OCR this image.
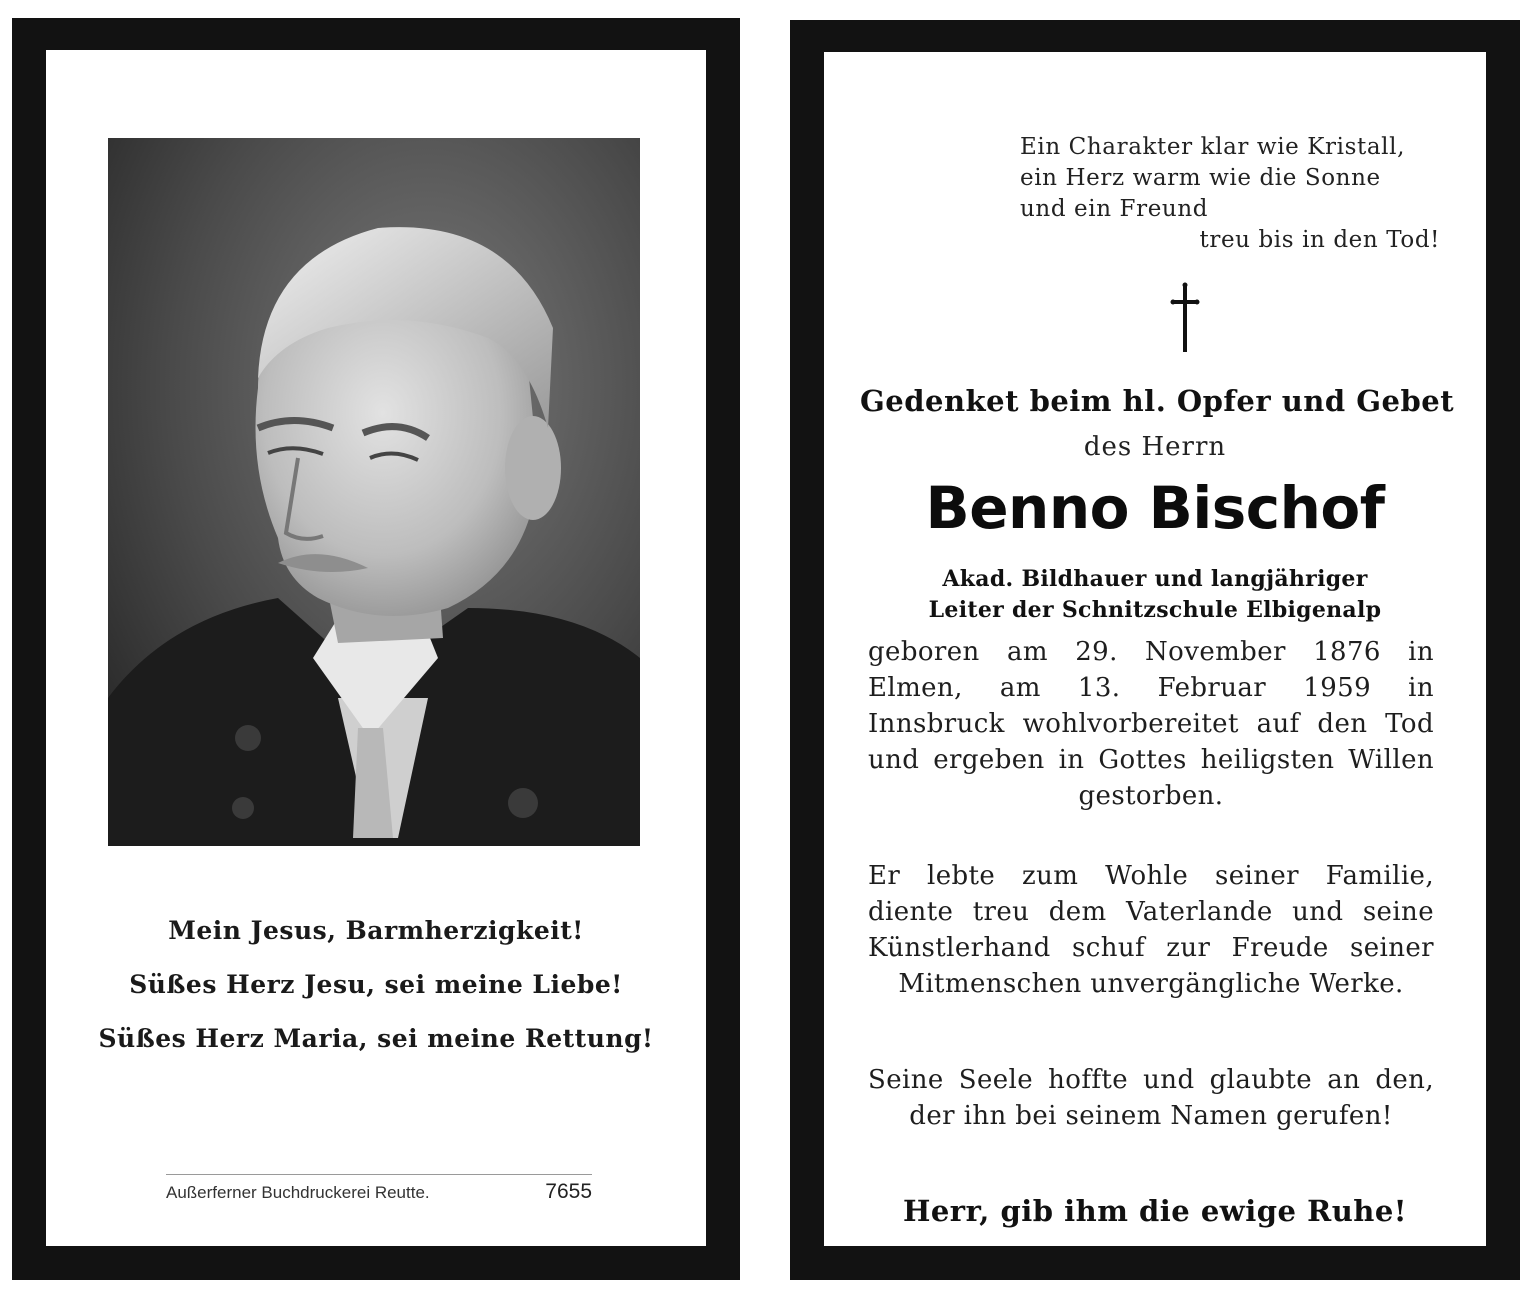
Mein Jesus, Barmherzigkeit!
Süßes Herz Jesu, sei meine Liebe!
Süßes Herz Maria, sei meine Rettung!
Außerferner Buchdruckerei Reutte.	7655
Ein Charakter klar wie Kristall,
ein Herz warm wie die Sonne
und ein Freund
treu bis in den Tod!
Gedenket beim hl. Opfer und Gebet
des Herrn
Benno Bischof
Akad. Bildhauer und langjähriger
Leiter der Schnitzschule Elbigenalp
geboren am 29. November 1876 in Elmen, am 13. Februar 1959 in Innsbruck wohlvorbereitet auf den Tod und ergeben in Gottes heiligsten Willen gestorben.
Er lebte zum Wohle seiner Familie, diente treu dem Vaterlande und seine Künstlerhand schuf zur Freude seiner Mitmenschen unvergängliche Werke.
Seine Seele hoffte und glaubte an den, der ihn bei seinem Namen gerufen!
Herr, gib ihm die ewige Ruhe!
